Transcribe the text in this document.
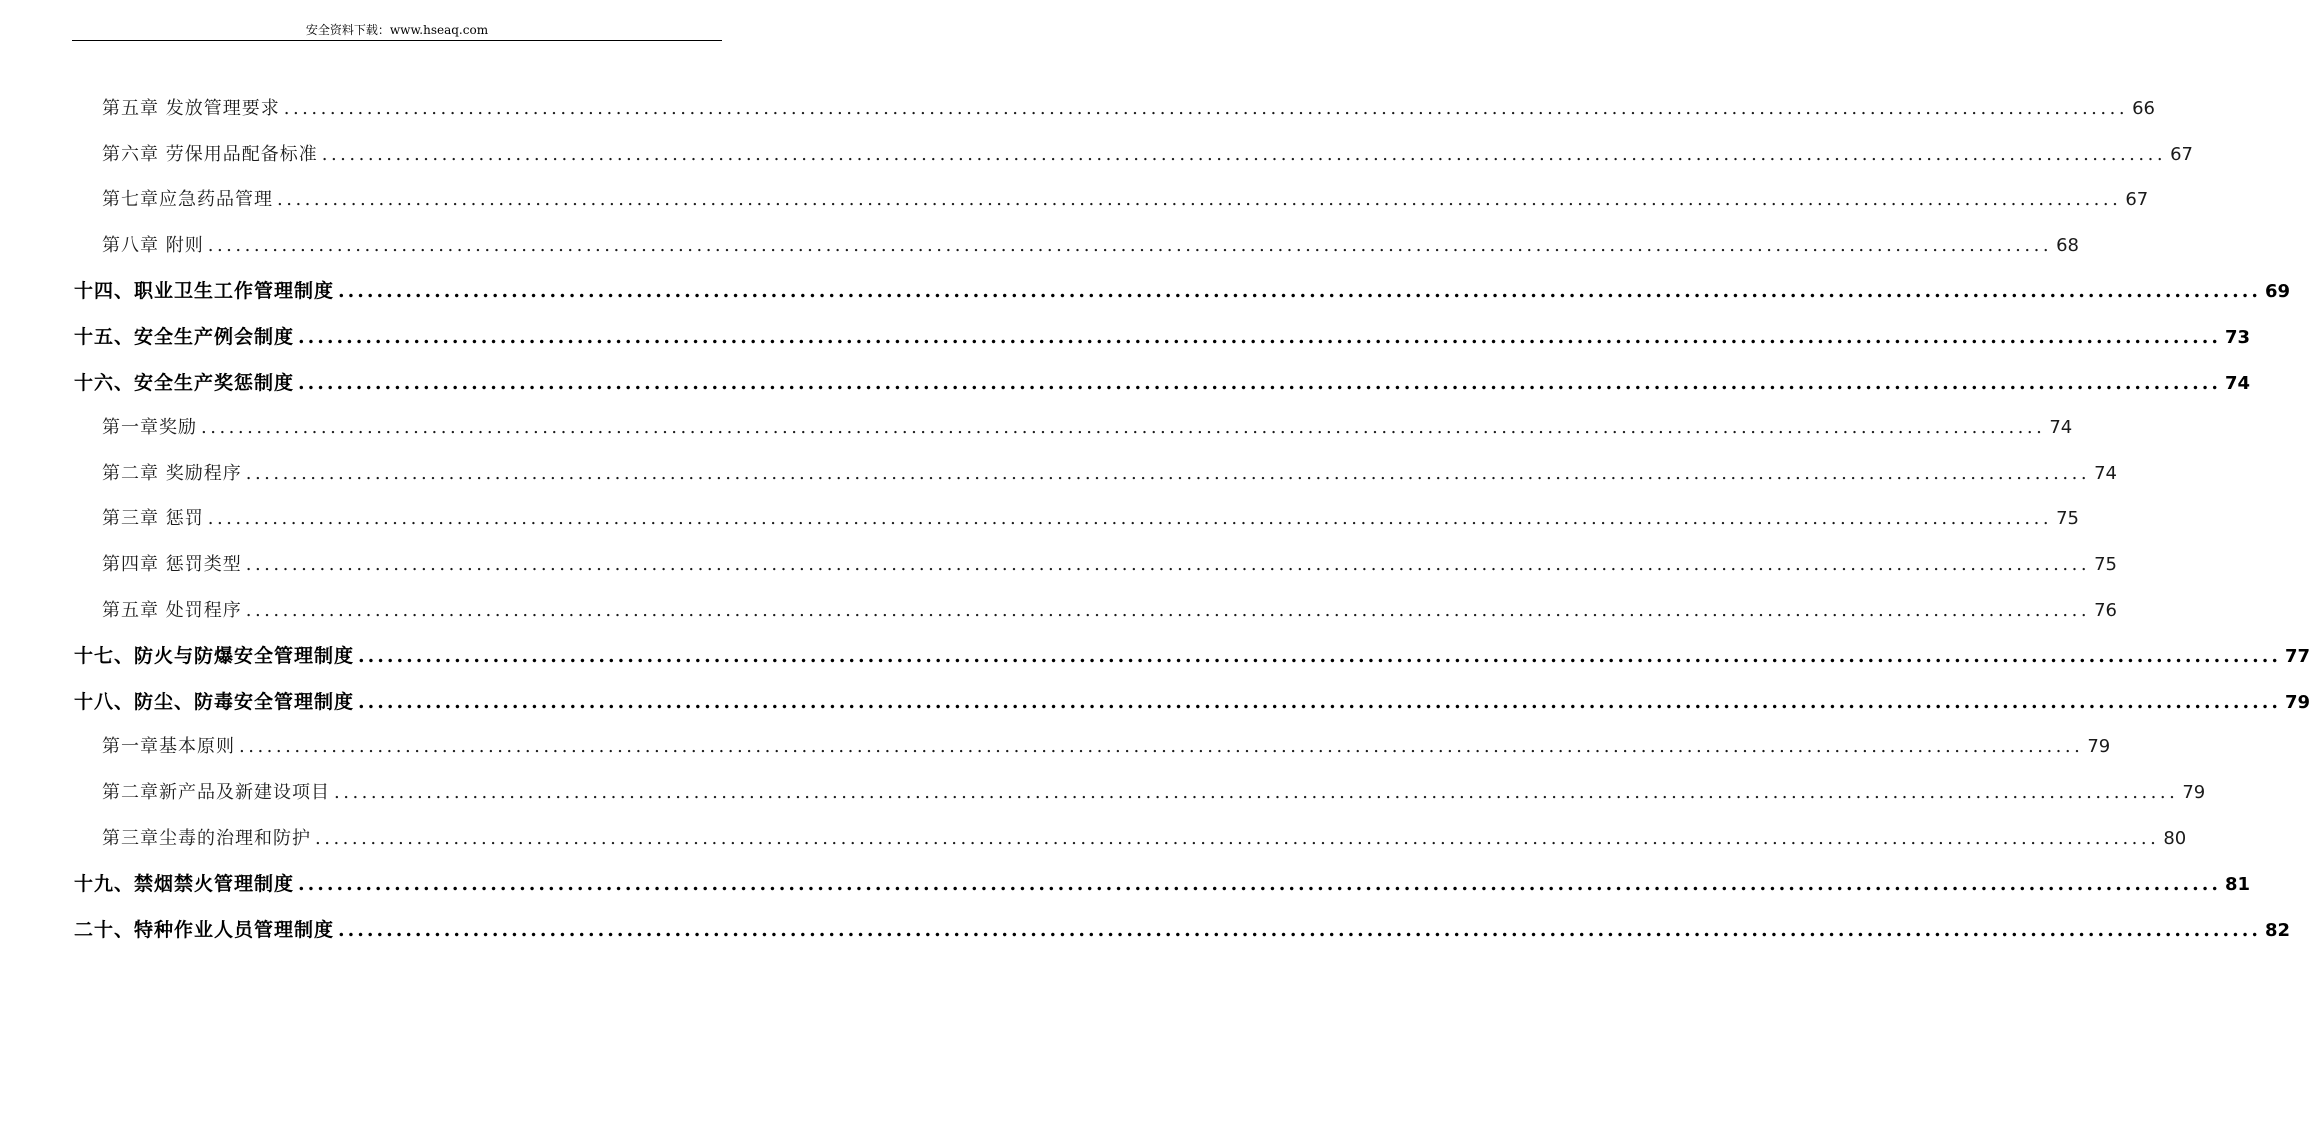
安全资料下载：www.hseaq.com
第五章 发放管理要求 ........................................................................................................................................................................................................ 66
第六章 劳保用品配备标准 ........................................................................................................................................................................................................ 67
第七章应急药品管理 ........................................................................................................................................................................................................ 67
第八章 附则 ........................................................................................................................................................................................................ 68
十四、职业卫生工作管理制度 ........................................................................................................................................................................................................ 69
十五、安全生产例会制度 ........................................................................................................................................................................................................ 73
十六、安全生产奖惩制度 ........................................................................................................................................................................................................ 74
第一章奖励 ........................................................................................................................................................................................................ 74
第二章 奖励程序 ........................................................................................................................................................................................................ 74
第三章 惩罚 ........................................................................................................................................................................................................ 75
第四章 惩罚类型 ........................................................................................................................................................................................................ 75
第五章 处罚程序 ........................................................................................................................................................................................................ 76
十七、防火与防爆安全管理制度 ........................................................................................................................................................................................................ 77
十八、防尘、防毒安全管理制度 ........................................................................................................................................................................................................ 79
第一章基本原则 ........................................................................................................................................................................................................ 79
第二章新产品及新建设项目 ........................................................................................................................................................................................................ 79
第三章尘毒的治理和防护 ........................................................................................................................................................................................................ 80
十九、禁烟禁火管理制度 ........................................................................................................................................................................................................ 81
二十、特种作业人员管理制度 ........................................................................................................................................................................................................ 82
